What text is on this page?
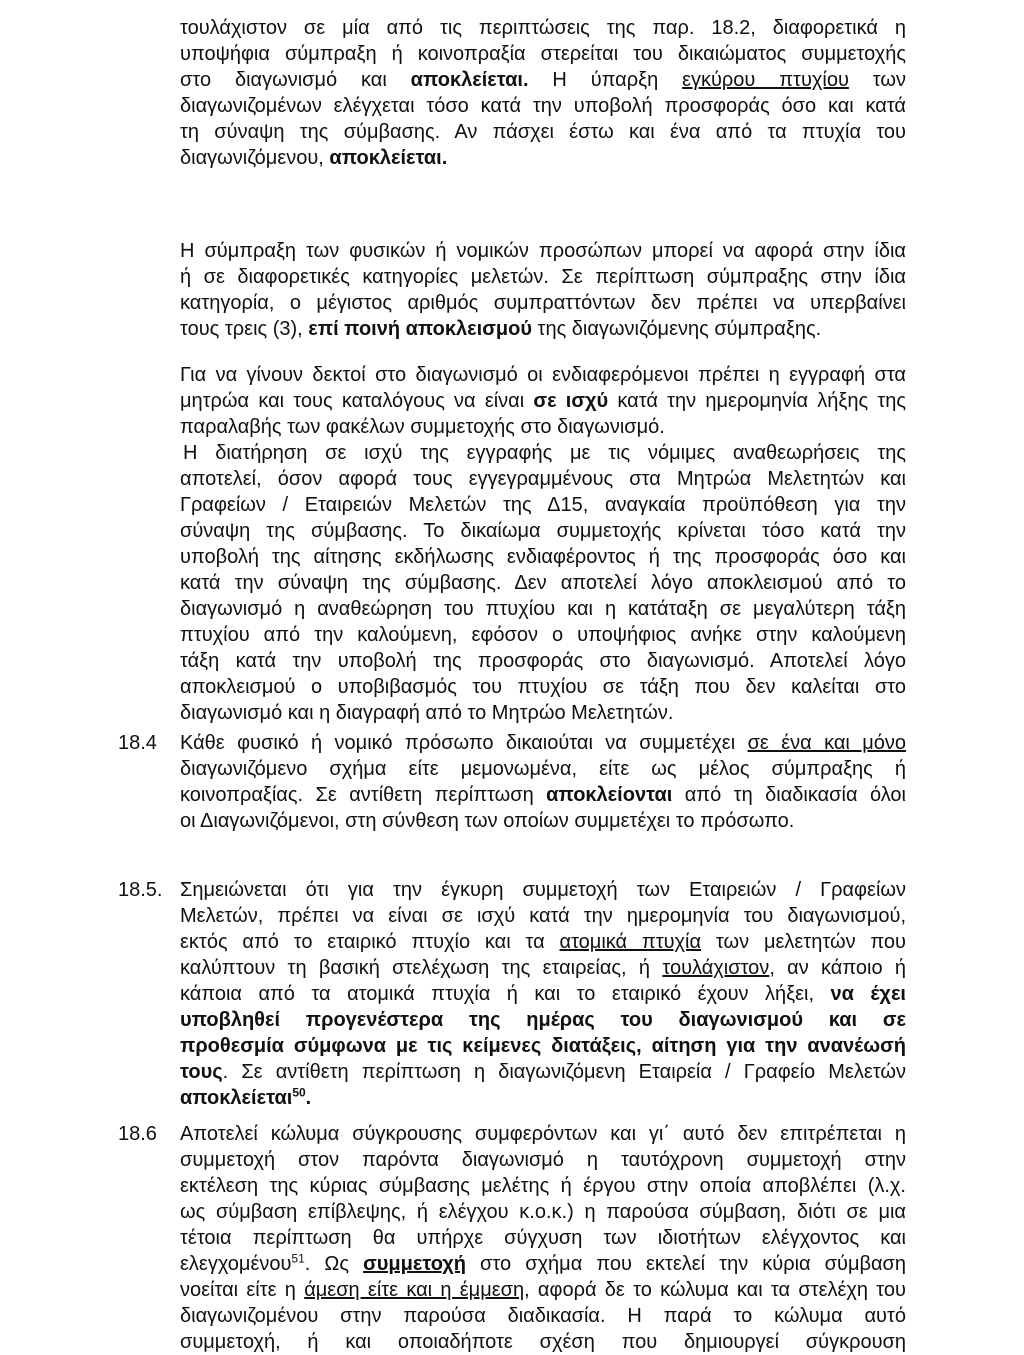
τουλάχιστον σε μία από τις περιπτώσεις της παρ. 18.2, διαφορετικά η
υποψήφια σύμπραξη ή κοινοπραξία στερείται του δικαιώματος συμμετοχής
στο διαγωνισμό και αποκλείεται. Η ύπαρξη εγκύρου πτυχίου των
διαγωνιζομένων ελέγχεται τόσο κατά την υποβολή προσφοράς όσο και κατά
τη σύναψη της σύμβασης. Αν πάσχει έστω και ένα από τα πτυχία του
διαγωνιζόμενου, αποκλείεται.
Η σύμπραξη των φυσικών ή νομικών προσώπων μπορεί να αφορά στην ίδια
ή σε διαφορετικές κατηγορίες μελετών. Σε περίπτωση σύμπραξης στην ίδια
κατηγορία, ο μέγιστος αριθμός συμπραττόντων δεν πρέπει να υπερβαίνει
τους τρεις (3), επί ποινή αποκλεισμού της διαγωνιζόμενης σύμπραξης.
Για να γίνουν δεκτοί στο διαγωνισμό οι ενδιαφερόμενοι πρέπει η εγγραφή στα
μητρώα και τους καταλόγους να είναι σε ισχύ κατά την ημερομηνία λήξης της
παραλαβής των φακέλων συμμετοχής στο διαγωνισμό.
Η διατήρηση σε ισχύ της εγγραφής με τις νόμιμες αναθεωρήσεις της
αποτελεί, όσον αφορά τους εγγεγραμμένους στα Μητρώα Μελετητών και
Γραφείων / Εταιρειών Μελετών της Δ15, αναγκαία προϋπόθεση για την
σύναψη της σύμβασης. Το δικαίωμα συμμετοχής κρίνεται τόσο κατά την
υποβολή της αίτησης εκδήλωσης ενδιαφέροντος ή της προσφοράς όσο και
κατά την σύναψη της σύμβασης. Δεν αποτελεί λόγο αποκλεισμού από το
διαγωνισμό η αναθεώρηση του πτυχίου και η κατάταξη σε μεγαλύτερη τάξη
πτυχίου από την καλούμενη, εφόσον ο υποψήφιος ανήκε στην καλούμενη
τάξη κατά την υποβολή της προσφοράς στο διαγωνισμό. Αποτελεί λόγο
αποκλεισμού ο υποβιβασμός του πτυχίου σε τάξη που δεν καλείται στο
διαγωνισμό και η διαγραφή από το Μητρώο Μελετητών.
18.4	Κάθε φυσικό ή νομικό πρόσωπο δικαιούται να συμμετέχει σε ένα και μόνο
διαγωνιζόμενο σχήμα είτε μεμονωμένα, είτε ως μέλος σύμπραξης ή
κοινοπραξίας. Σε αντίθετη περίπτωση αποκλείονται από τη διαδικασία όλοι
οι Διαγωνιζόμενοι, στη σύνθεση των οποίων συμμετέχει το πρόσωπο.
18.5. Σημειώνεται ότι για την έγκυρη συμμετοχή των Εταιρειών / Γραφείων
Μελετών, πρέπει να είναι σε ισχύ κατά την ημερομηνία του διαγωνισμού,
εκτός από το εταιρικό πτυχίο και τα ατομικά πτυχία των μελετητών που
καλύπτουν τη βασική στελέχωση της εταιρείας, ή τουλάχιστον, αν κάποιο ή
κάποια από τα ατομικά πτυχία ή και το εταιρικό έχουν λήξει, να έχει
υποβληθεί προγενέστερα της ημέρας του διαγωνισμού και σε
προθεσμία σύμφωνα με τις κείμενες διατάξεις, αίτηση για την ανανέωσή
τους. Σε αντίθετη περίπτωση η διαγωνιζόμενη Εταιρεία / Γραφείο Μελετών
αποκλείεται$^{50}$.
18.6	Αποτελεί κώλυμα σύγκρουσης συμφερόντων και γι΄ αυτό δεν επιτρέπεται η
συμμετοχή στον παρόντα διαγωνισμό η ταυτόχρονη συμμετοχή στην
εκτέλεση της κύριας σύμβασης μελέτης ή έργου στην οποία αποβλέπει (λ.χ.
ως σύμβαση επίβλεψης, ή ελέγχου κ.ο.κ.) η παρούσα σύμβαση, διότι σε μια
τέτοια περίπτωση θα υπήρχε σύγχυση των ιδιοτήτων ελέγχοντος και
ελεγχομένου$^{51}$. Ως συμμετοχή στο σχήμα που εκτελεί την κύρια σύμβαση
νοείται είτε η άμεση είτε και η έμμεση, αφορά δε το κώλυμα και τα στελέχη του
διαγωνιζομένου στην παρούσα διαδικασία. Η παρά το κώλυμα αυτό
συμμετοχή, ή και οποιαδήποτε σχέση που δημιουργεί σύγκρουση
